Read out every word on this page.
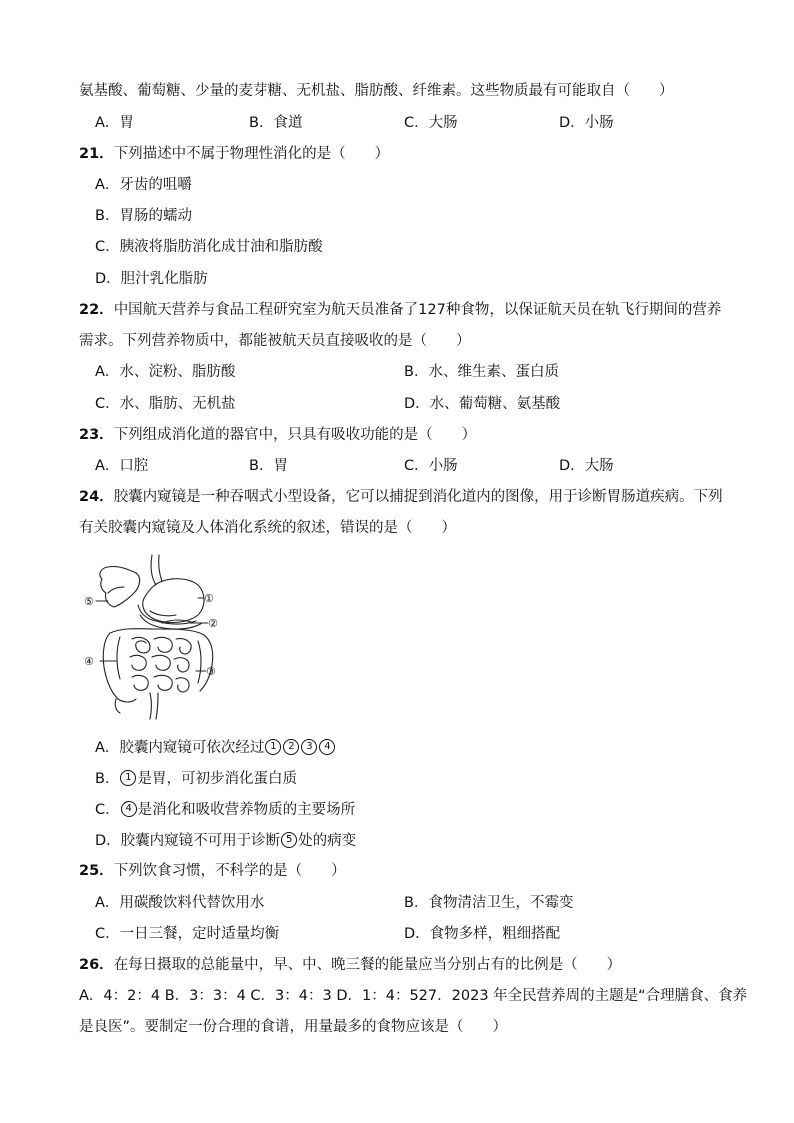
氨基酸、葡萄糖、少量的麦芽糖、无机盐、脂肪酸、纤维素。这些物质最有可能取自（　　）
A．胃	B．食道	C．大肠	D．小肠
21．下列描述中不属于物理性消化的是（　　）
A．牙齿的咀嚼
B．胃肠的蠕动
C．胰液将脂肪消化成甘油和脂肪酸
D．胆汁乳化脂肪
22．中国航天营养与食品工程研究室为航天员准备了127种食物，以保证航天员在轨飞行期间的营养
需求。下列营养物质中，都能被航天员直接吸收的是（　　）
A．水、淀粉、脂肪酸	B．水、维生素、蛋白质
C．水、脂肪、无机盐	D．水、葡萄糖、氨基酸
23．下列组成消化道的器官中，只具有吸收功能的是（　　）
A．口腔	B．胃	C．小肠	D．大肠
24．胶囊内窥镜是一种吞咽式小型设备，它可以捕捉到消化道内的图像，用于诊断胃肠道疾病。下列
有关胶囊内窥镜及人体消化系统的叙述，错误的是（　　）
①
②
③
④
⑤
A．胶囊内窥镜可依次经过 1 2 3 4
B． 1 是胃，可初步消化蛋白质
C． 4 是消化和吸收营养物质的主要场所
D．胶囊内窥镜不可用于诊断 5 处的病变
25．下列饮食习惯，不科学的是（　　）
A．用碳酸饮料代替饮用水	B．食物清洁卫生，不霉变
C．一日三餐，定时适量均衡	D．食物多样，粗细搭配
26．在每日摄取的总能量中，早、中、晚三餐的能量应当分别占有的比例是（　　）
A．4：2：4 B．3：3：4 C．3：4：3 D．1：4：527．2023 年全民营养周的主题是“合理膳食、食养
是良医”。要制定一份合理的食谱，用量最多的食物应该是（　　）
